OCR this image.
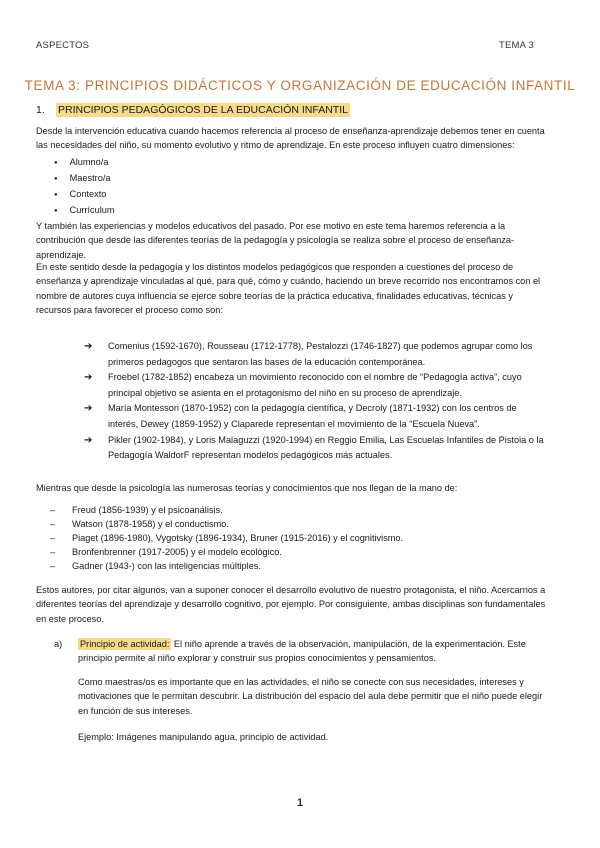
ASPECTOS	TEMA 3
TEMA 3: PRINCIPIOS DIDÁCTICOS Y ORGANIZACIÓN DE EDUCACIÓN INFANTIL
1. PRINCIPIOS PEDAGÓGICOS DE LA EDUCACIÓN INFANTIL
Desde la intervención educativa cuando hacemos referencia al proceso de enseñanza-aprendizaje debemos tener en cuenta las necesidades del niño, su momento evolutivo y ritmo de aprendizaje. En este proceso influyen cuatro dimensiones:
● Alumno/a
● Maestro/a
● Contexto
● Currículum
Y también las experiencias y modelos educativos del pasado. Por ese motivo en este tema haremos referencia a la contribución que desde las diferentes teorías de la pedagogía y psicología se realiza sobre el proceso de enseñanza-aprendizaje.
En este sentido desde la pedagogía y los distintos modelos pedagógicos que responden a cuestiones del proceso de enseñanza y aprendizaje vinculadas al qué, para qué, cómo y cuándo, haciendo un breve recorrido nos encontramos con el nombre de autores cuya influencia se ejerce sobre teorías de la práctica educativa, finalidades educativas, técnicas y recursos para favorecer el proceso como son:
➔ Comenius (1592-1670), Rousseau (1712-1778), Pestalozzi (1746-1827) que podemos agrupar como los primeros pedagogos que sentaron las bases de la educación contemporánea.
➔ Froebel (1782-1852) encabeza un movimiento reconocido con el nombre de “Pedagogía activa”, cuyo principal objetivo se asienta en el protagonismo del niño en su proceso de aprendizaje.
➔ María Montessori (1870-1952) con la pedagogía científica, y Decroly (1871-1932) con los centros de interés, Dewey (1859-1952) y Claparede representan el movimiento de la “Escuela Nueva”.
➔ Pikler (1902-1984), y Loris Malaguzzi (1920-1994) en Reggio Emilia, Las Escuelas Infantiles de Pistoia o la Pedagogía WaldorF representan modelos pedagógicos más actuales.
Mientras que desde la psicología las numerosas teorías y conocimientos que nos llegan de la mano de:
– Freud (1856-1939) y el psicoanálisis.
– Watson (1878-1958) y el conductismo.
– Piaget (1896-1980), Vygotsky (1896-1934), Bruner (1915-2016) y el cognitivismo.
– Bronfenbrenner (1917-2005) y el modelo ecológico.
– Gadner (1943-) con las inteligencias múltiples.
Estos autores, por citar algunos, van a suponer conocer el desarrollo evolutivo de nuestro protagonista, el niño. Acercarnos a diferentes teorías del aprendizaje y desarrollo cognitivo, por ejemplo. Por consiguiente, ambas disciplinas son fundamentales en este proceso.
a) Principio de actividad: El niño aprende a través de la observación, manipulación, de la experimentación. Este principio permite al niño explorar y construir sus propios conocimientos y pensamientos.
Como maestras/os es importante que en las actividades, el niño se conecte con sus necesidades, intereses y motivaciones que le permitan descubrir. La distribución del espacio del aula debe permitir que el niño puede elegir en función de sus intereses.
Ejemplo: Imágenes manipulando agua, principio de actividad.
1
